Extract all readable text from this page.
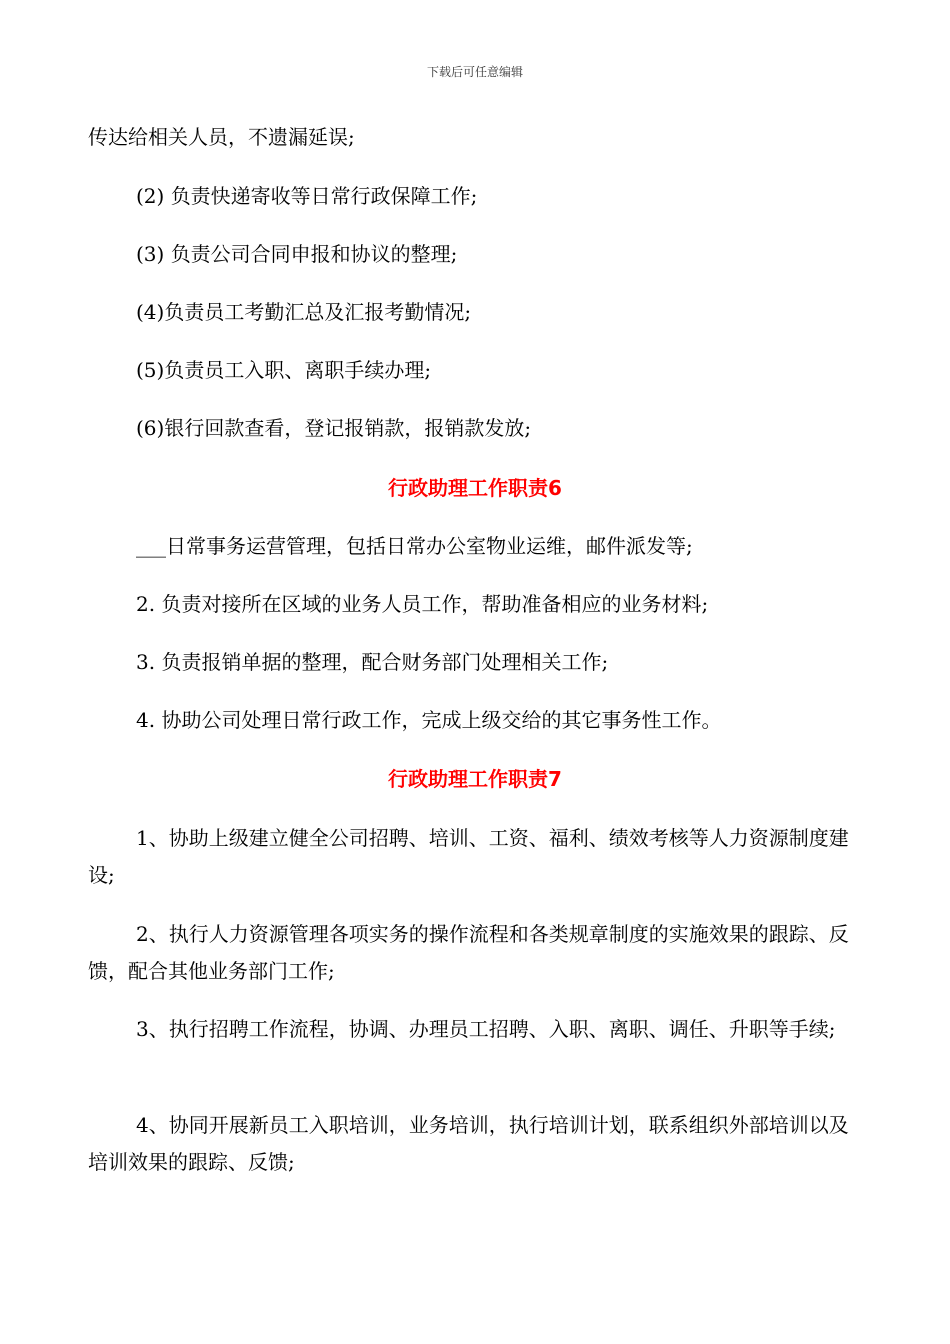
下载后可任意编辑
传达给相关人员，不遗漏延误;
(2) 负责快递寄收等日常行政保障工作;
(3) 负责公司合同申报和协议的整理;
(4)负责员工考勤汇总及汇报考勤情况;
(5)负责员工入职、离职手续办理;
(6)银行回款查看，登记报销款，报销款发放;
行政助理工作职责6
___日常事务运营管理，包括日常办公室物业运维，邮件派发等;
2. 负责对接所在区域的业务人员工作，帮助准备相应的业务材料;
3. 负责报销单据的整理，配合财务部门处理相关工作;
4. 协助公司处理日常行政工作，完成上级交给的其它事务性工作。
行政助理工作职责7
1、协助上级建立健全公司招聘、培训、工资、福利、绩效考核等人力资源制度建设;
2、执行人力资源管理各项实务的操作流程和各类规章制度的实施效果的跟踪、反馈，配合其他业务部门工作;
3、执行招聘工作流程，协调、办理员工招聘、入职、离职、调任、升职等手续;
4、协同开展新员工入职培训，业务培训，执行培训计划，联系组织外部培训以及培训效果的跟踪、反馈;
